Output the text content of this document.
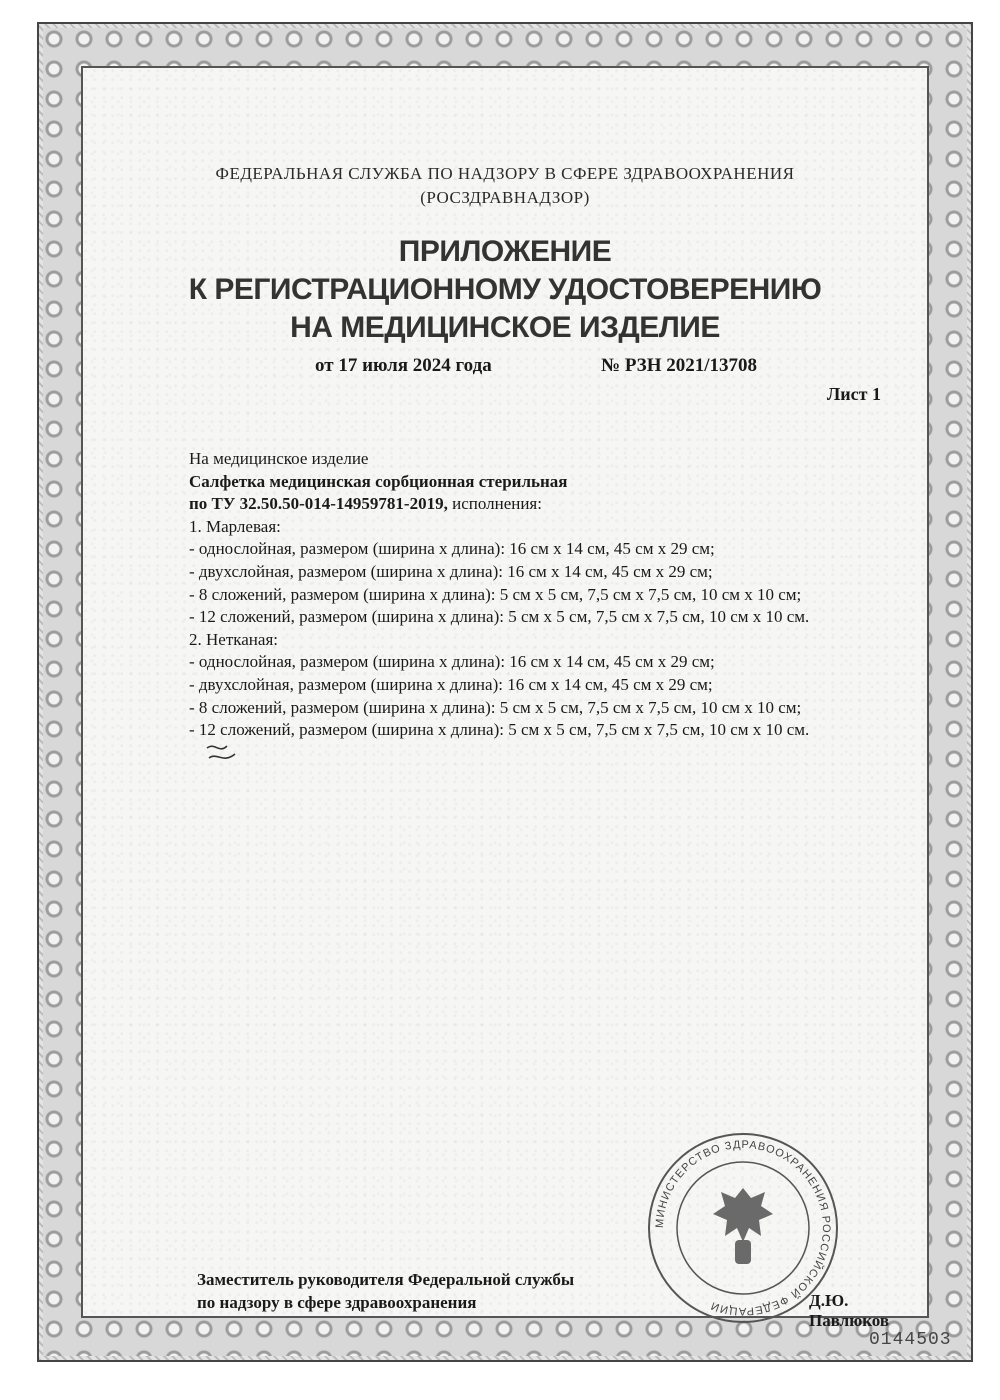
ФЕДЕРАЛЬНАЯ СЛУЖБА ПО НАДЗОРУ В СФЕРЕ ЗДРАВООХРАНЕНИЯ
(РОСЗДРАВНАДЗОР)
ПРИЛОЖЕНИЕ
К РЕГИСТРАЦИОННОМУ УДОСТОВЕРЕНИЮ
НА МЕДИЦИНСКОЕ ИЗДЕЛИЕ
от 17 июля 2024 года	№ РЗН 2021/13708
Лист 1

На медицинское изделие

Салфетка медицинская сорбционная стерильная

по ТУ 32.50.50-014-14959781-2019, исполнения:

1. Марлевая:

- однослойная, размером (ширина х длина): 16 см х 14 см, 45 см х 29 см;

- двухслойная, размером (ширина х длина): 16 см х 14 см, 45 см х 29 см;

- 8 сложений, размером (ширина х длина): 5 см х 5 см, 7,5 см х 7,5 см, 10 см х 10 см;

- 12 сложений, размером (ширина х длина): 5 см х 5 см, 7,5 см х 7,5 см, 10 см х 10 см.

2. Нетканая:

- однослойная, размером (ширина х длина): 16 см х 14 см, 45 см х 29 см;

- двухслойная, размером (ширина х длина): 16 см х 14 см, 45 см х 29 см;

- 8 сложений, размером (ширина х длина): 5 см х 5 см, 7,5 см х 7,5 см, 10 см х 10 см;

- 12 сложений, размером (ширина х длина): 5 см х 5 см, 7,5 см х 7,5 см, 10 см х 10 см.

МИНИСТЕРСТВО ЗДРАВООХРАНЕНИЯ РОССИЙСКОЙ ФЕДЕРАЦИИ
Заместитель руководителя Федеральной службы
по надзору в сфере здравоохранения	Д.Ю. Павлюков
0144503
